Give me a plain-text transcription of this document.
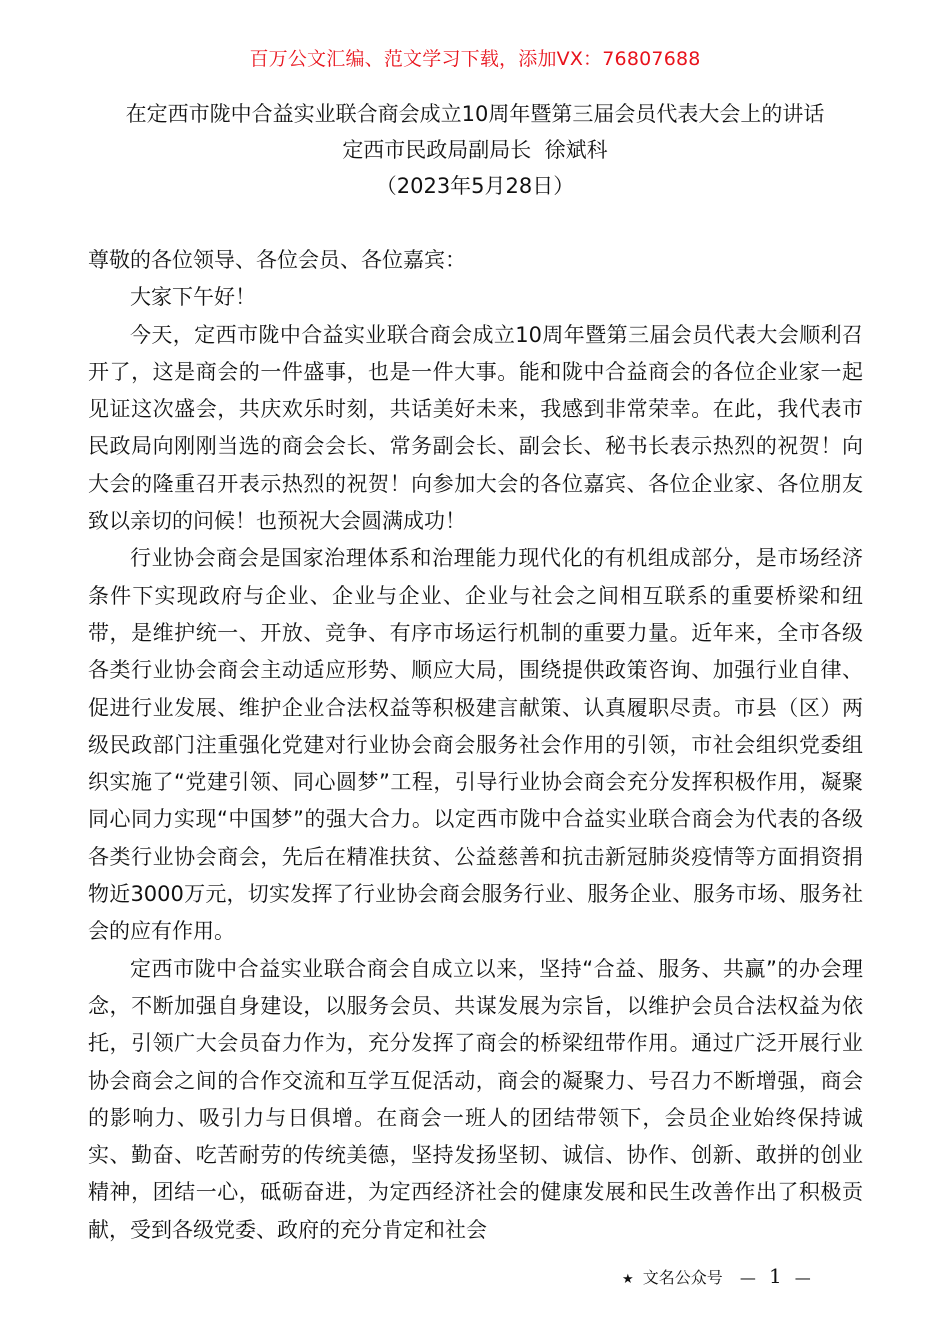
百万公文汇编、范文学习下载，添加VX：76807688
在定西市陇中合益实业联合商会成立10周年暨第三届会员代表大会上的讲话
定西市民政局副局长  徐斌科
（2023年5月28日）

尊敬的各位领导、各位会员、各位嘉宾：

大家下午好！

今天，定西市陇中合益实业联合商会成立10周年暨第三届会员代表大会顺利召开了，这是商会的一件盛事，也是一件大事。能和陇中合益商会的各位企业家一起见证这次盛会，共庆欢乐时刻，共话美好未来，我感到非常荣幸。在此，我代表市民政局向刚刚当选的商会会长、常务副会长、副会长、秘书长表示热烈的祝贺！向大会的隆重召开表示热烈的祝贺！向参加大会的各位嘉宾、各位企业家、各位朋友致以亲切的问候！也预祝大会圆满成功！

行业协会商会是国家治理体系和治理能力现代化的有机组成部分，是市场经济条件下实现政府与企业、企业与企业、企业与社会之间相互联系的重要桥梁和纽带，是维护统一、开放、竞争、有序市场运行机制的重要力量。近年来，全市各级各类行业协会商会主动适应形势、顺应大局，围绕提供政策咨询、加强行业自律、促进行业发展、维护企业合法权益等积极建言献策、认真履职尽责。市县（区）两级民政部门注重强化党建对行业协会商会服务社会作用的引领，市社会组织党委组织实施了“党建引领、同心圆梦”工程，引导行业协会商会充分发挥积极作用，凝聚同心同力实现“中国梦”的强大合力。以定西市陇中合益实业联合商会为代表的各级各类行业协会商会，先后在精准扶贫、公益慈善和抗击新冠肺炎疫情等方面捐资捐物近3000万元，切实发挥了行业协会商会服务行业、服务企业、服务市场、服务社会的应有作用。

定西市陇中合益实业联合商会自成立以来，坚持“合益、服务、共赢”的办会理念，不断加强自身建设，以服务会员、共谋发展为宗旨，以维护会员合法权益为依托，引领广大会员奋力作为，充分发挥了商会的桥梁纽带作用。通过广泛开展行业协会商会之间的合作交流和互学互促活动，商会的凝聚力、号召力不断增强，商会的影响力、吸引力与日俱增。在商会一班人的团结带领下，会员企业始终保持诚实、勤奋、吃苦耐劳的传统美德，坚持发扬坚韧、诚信、协作、创新、敢拼的创业精神，团结一心，砥砺奋进，为定西经济社会的健康发展和民生改善作出了积极贡献，受到各级党委、政府的充分肯定和社会

★ 文名公众号 — 1 —
